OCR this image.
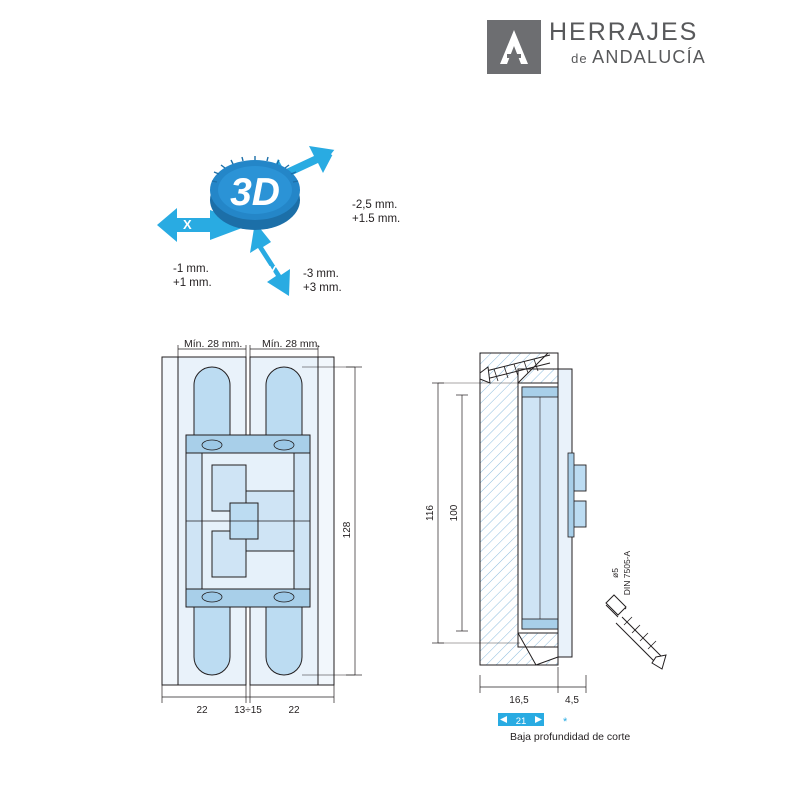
HERRAJES
de ANDALUCÍA
3D
Z
X
Y
-2,5 mm.
+1.5 mm.
-1 mm.
+1 mm.
-3 mm.
+3 mm.
128
22	13÷15	22
Mín. 28 mm. Mín. 28 mm.
116 100
16,5	4,5
21	*
ø5 DIN 7505-A
Baja profundidad de corte
